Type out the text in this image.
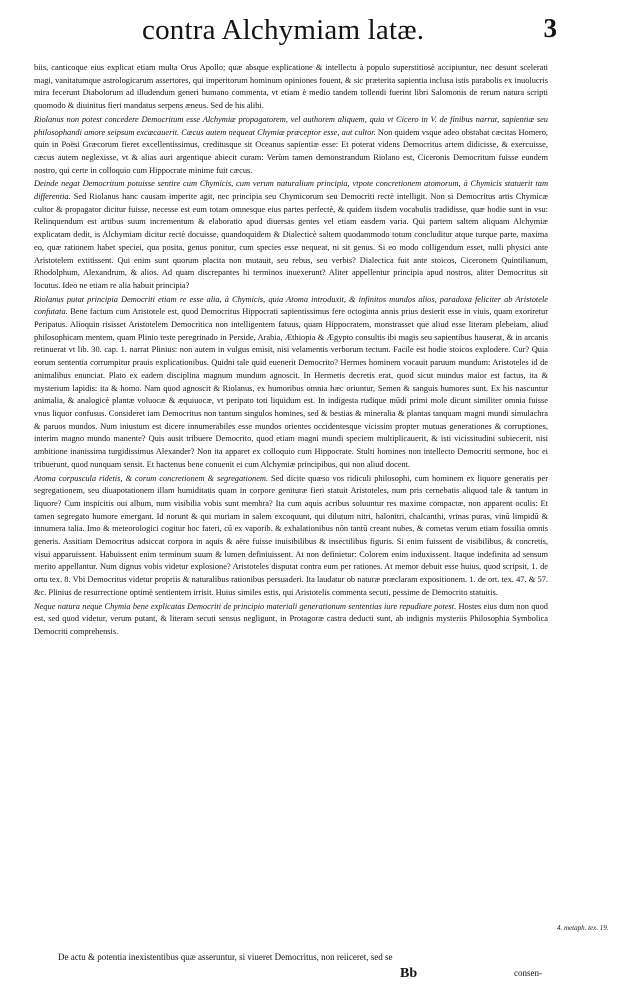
contra Alchymiam latæ.	3

biis, canticoque eius explicat etiam multa Orus Apollo; quæ absque explicatione & intellectu à populo superstitiosè accipiuntur, nec desunt scelerati magi, vanitatumque astrologicarum assertores, qui imperitorum hominum opiniones fouent, & sic præterita sapientia inclusa istis parabolis ex inuolucris mira fecerunt Diabolorum ad illudendum generi humano commenta, vt etiam è medio tandem tollendi fuerint libri Salomonis de rerum natura scripti quomodo & diuinitus fieri mandatus serpens æneus. Sed de his alibi.

Riolanus non potest concedere Democritum esse Alchymiæ propagatorem, vel authorem aliquem, quia vt Cicero in V. de finibus narrat, sapientiæ seu philosophandi amore seipsum excæcauerit. Cæcus autem nequeat Chymiæ præceptor esse, aut cultor. Non quidem vsque adeo obstabat cæcitas Homero, quin in Poësi Græcorum fieret excellentissimus, creditusque sit Oceanus sapientiæ esse: Et poterat videns Democritus artem didicisse, & exercuisse, cæcus autem neglexisse, vt & alias auri argentique abiecit curam: Verùm tamen demonstrandum Riolano est, Ciceronis Democritum fuisse eundem nostro, qui certe in colloquio cum Hippocrate minime fuit cæcus.

Deinde negat Democritum potuisse sentire cum Chymicis, cum verum naturalium principia, vtpote concretionem atomorum, à Chymicis statuerit tam differentia. Sed Riolanus hanc causam imperite agit, nec principia seu Chymicorum seu Democriti rectè intelligit. Non si Democritus artis Chymicæ cultor & propagator dicitur fuisse, necesse est eum totam omnesque eius partes perfectè, & quidem iisdem vocabulis tradidisse, quæ hodie sunt in vsu: Relinquendum est artibus suum incrementum & elaboratio apud diuersas gentes vel etiam easdem varia. Qui partem saltem aliquam Alchymiæ explicatam dedit, is Alchymiam dicitur rectè docuisse, quandoquidem & Dialecticè saltem quodammodo totum concluditur atque turque parte, maxima eo, quæ rationem habet speciei, qua posita, genus ponitur, cum species esse nequeat, ni sit genus. Si eo modo colligendum esset, nulli physici ante Aristotelem extitissent. Qui enim sunt quorum placita non mutauit, seu rebus, seu verbis? Dialectica fuit ante stoicos, Ciceronem Quintilianum, Rhodolphum, Alexandrum, & alios. Ad quam discrepantes hi terminos inuexerunt? Aliter appellentur principia apud nostros, aliter Democritus sit locutus. Ideo ne etiam re alia habuit principia?

Riolanus putat principia Democriti etiam re esse alia, à Chymicis, quia Atoma introduxit, & infinitos mundos alios, paradoxa feliciter ab Aristotele confutata. Bene factum cum Aristotele est, quod Democritus Hippocrati sapientissimus fere octoginta annis prius desierit esse in viuis, quam exoriretur Peripatus. Alioquin risisset Aristotelem Democritica non intelligentem fatuus, quam Hippocratem, monstrasset que aliud esse literam plebeiam, aliud philosophicam mentem, quam Plinio teste peregrinado in Perside, Arabia, Æthiopia & Ægypto consultis ibi magis seu sapientibus hauserat, & in arcanis retinuerat vt lib. 30. cap. 1. narrat Plinius: non autem in vulgus emisit, nisi velamentis verborum tectum. Facile est hodie stoicos explodere. Cur? Quia eorum sententia corrumpitur prauis explicationibus. Quidni tale quid euenerit Democrito? Hermes hominem vocauit paruum mundum: Aristoteles id de animalibus enunciat. Plato ex eadem disciplina magnum mundum agnoscit. In Hermetis decretis erat, quod sicut mundus maior est factus, ita & mysterium lapidis: ita & homo. Nam quod agnoscit & Riolanus, ex humoribus omnia hæc oriuntur, Semen & sanguis humores sunt. Ex his nascuntur animalia, & analogicè plantæ voluocæ & æquiuocæ, vt peripato toti liquidum est. In indigesta rudique mūdi primi mole dicunt similiter omnia fuisse vnus liquor confusus. Consideret iam Democritus non tantum singulos homines, sed & bestias & mineralia & plantas tanquam magni mundi simulachra & paruos mundos. Num iniustum est dicere innumerabiles esse mundos orientes occidentesque vicissim propter mutuas generationes & corruptiones, interim magno mundo manente? Quis ausit tribuere Democrito, quod etiam magni mundi speciem multiplicauerit, & isti vicissitudini subiecerit, nisi ambitione inanissima turgidissimus Alexander? Non ita apparet ex colloquio cum Hippocrate. Stulti homines non intellecto Democriti sermone, hoc ei tribuerunt, quod nunquam sensit. Et hactenus bene conuenit ei cum Alchymiæ principibus, qui non aliud docent.

Atoma corpuscula ridetis, & corum concretionem & segregationem. Sed dicite quæso vos ridiculi philosophi, cum hominem ex liquore generatis per segregationem, seu diuapotationem illam humiditatis quam in corpore genituræ fieri statuit Aristoteles, num pris cernebatis aliquod tale & tantum in liquore? Cum inspicitis oui album, num visibilia vobis sunt membra? Ita cum aquis acribus soluuntur res maxime compactæ, non apparent oculis: Et tamen segregato humore emergant. Id norunt & qui muriam in salem excoquunt, qui dilutum nitri, halonitri, chalcanthi, vrinas puras, vinū limpidū & innumera talia. Imo & meteorologici cogitur hoc fateri, cū ex vaporib. & exhalationibus nōn tantū creant nubes, & cometas verum etiam fossilia omnis generis. Assitiam Democritus adsiccat corpora in aquis & aëre fuisse inuisibilibus & insectilibus figuris. Si enim fuissent de visibilibus, & concretis, visui apparuissent. Habuissent enim terminum suum & lumen definiuissent. At non definietur: Colorem enim induxissent. Itaque indefinita ad sensum merito appellantur. Num dignus vobis videtur explosione? Aristoteles disputat contra eum per rationes. At memor debuit esse huius, quod scripsit, 1. de ortu tex. 8. Vbi Democritus videtur propriis & naturalibus rationibus persuaderi. Ita laudatur ob naturæ præclaram expositionem. 1. de ort. tex. 47. & 57. &c. Plinius de resurrectione optimè sentientem irrisit. Huius similes estis, qui Aristotelis commenta secuti, pessime de Democrito statuitis.

Neque natura neque Chymia bene explicatas Democriti de principio materiali generationum sententias iure repudiare potest. Hostes eius dum non quod est, sed quod videtur, verum putant, & literam secuti sensus negligunt, in Protagoræ castra deducti sunt, ab indignis mysteriis Philosophia Symbolica Democriti comprehensis.

4. metaph. tex. 19.
De actu & potentia inexistentibus quæ asseruntur, si viueret Democritus, non reiiceret, sed se
Bb	consen-
